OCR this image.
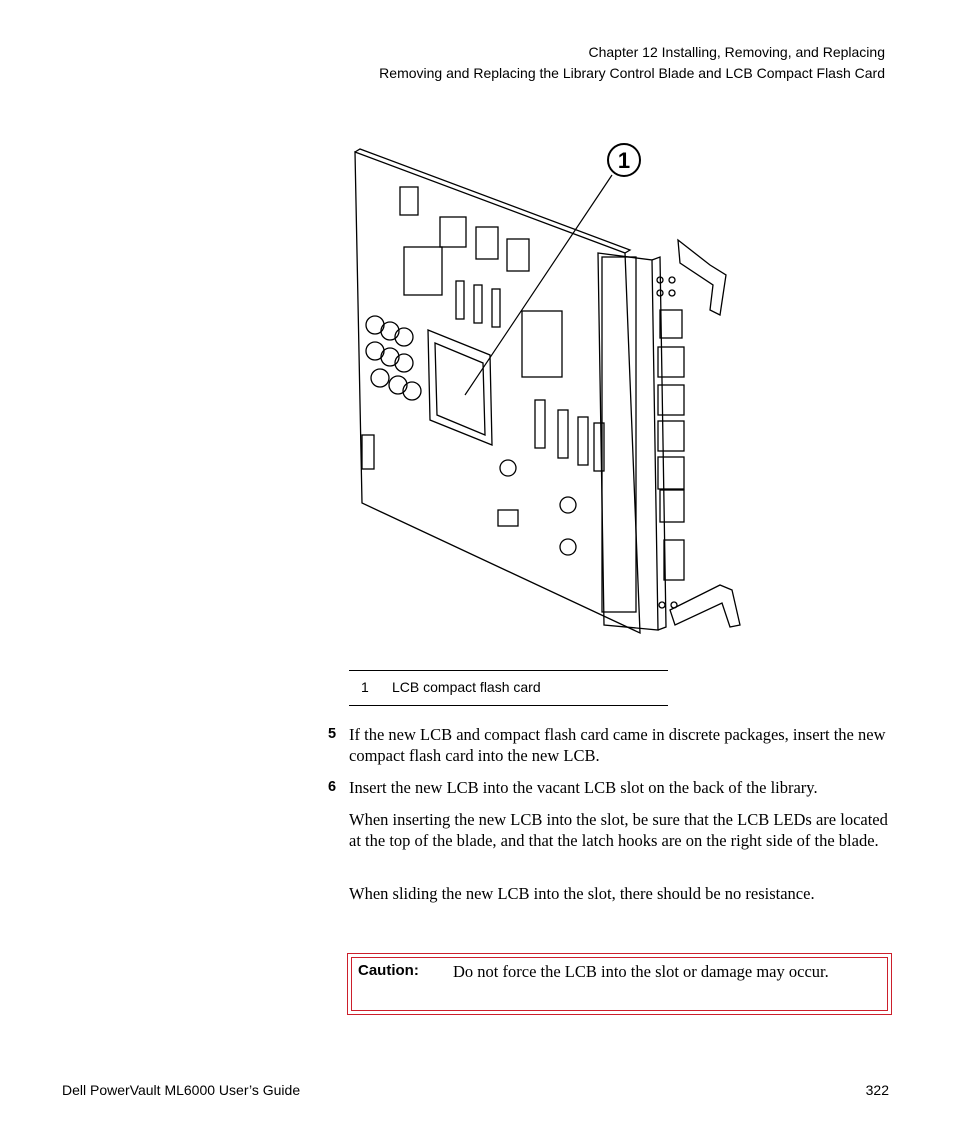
Chapter 12 Installing, Removing, and Replacing
Removing and Replacing the Library Control Blade and LCB Compact Flash Card
1
1 LCB compact flash card
5 If the new LCB and compact flash card came in discrete packages, insert the new compact flash card into the new LCB.
6 Insert the new LCB into the vacant LCB slot on the back of the library.
When inserting the new LCB into the slot, be sure that the LCB LEDs are located at the top of the blade, and that the latch hooks are on the right side of the blade.
When sliding the new LCB into the slot, there should be no resistance.
Caution: Do not force the LCB into the slot or damage may occur.
Dell PowerVault ML6000 User’s Guide	322
